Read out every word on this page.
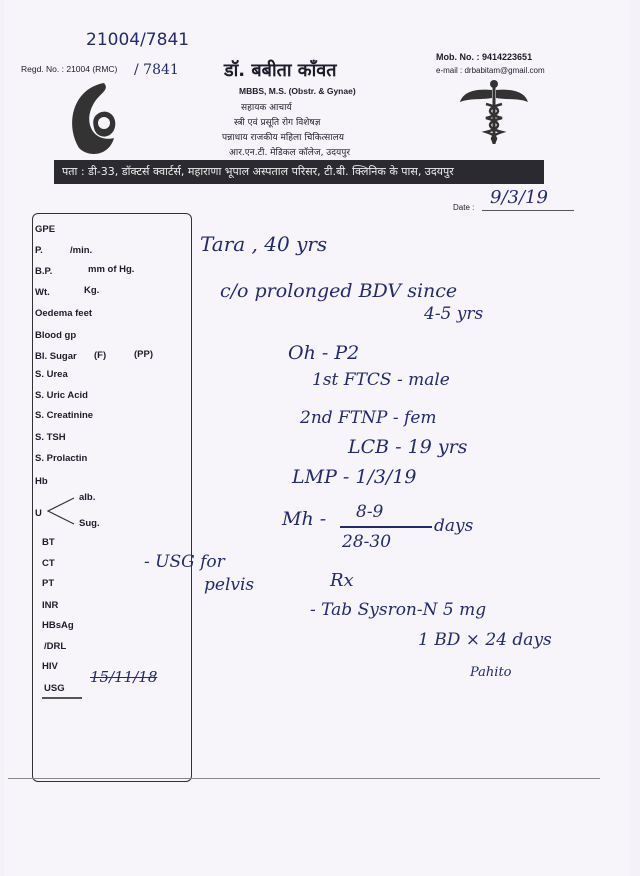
21004/7841
Regd. No. : 21004 (RMC) / 7841	डॉ. बबीता कॉंवत
MBBS, M.S. (Obstr. & Gynae)
सहायक आचार्य
स्त्री एवं प्रसूति रोग विशेषज्ञ
पन्नाधाय राजकीय महिला चिकित्सालय
आर.एन.टी. मेडिकल कॉलेज, उदयपुर
Mob. No. : 9414223651
e-mail : drbabitam@gmail.com
पता : डी-33, डॉक्टर्स क्वार्टर्स, महाराणा भूपाल अस्पताल परिसर, टी.बी. क्लिनिक के पास, उदयपुर
Date : 9/3/19
GPE
P.	/min.
B.P.	mm of Hg.
Wt.	Kg.
Oedema feet
Blood gp
Bl. Sugar (F)	(PP)
S. Urea
S. Uric Acid
S. Creatinine
S. TSH
S. Prolactin
Hb
U
alb.
Sug.
BT
CT
PT
INR
HBsAg
/DRL
HIV
USG
15/11/18
Tara , 40 yrs
c/o prolonged BDV since
4-5 yrs
Oh - P2
1st FTCS - male
2nd FTNP - fem
LCB - 19 yrs
LMP - 1/3/19
Mh - 8-9
28-30
days
- USG for
pelvis	Rx
- Tab Sysron-N 5 mg
1 BD × 24 days
Pahito
